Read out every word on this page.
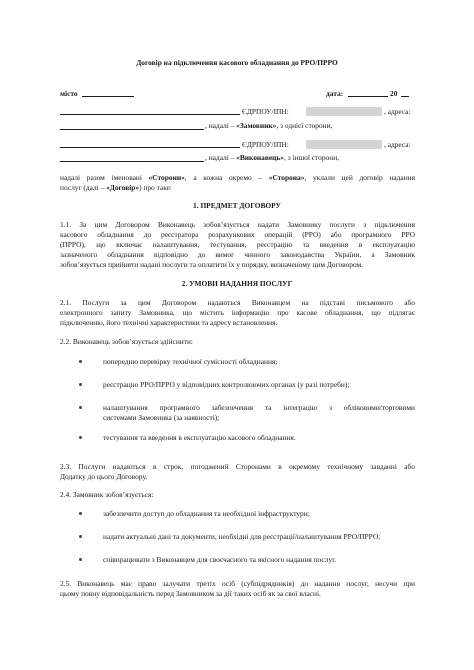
Договір на підключення касового обладнання до РРО/ПРРО
місто	дата:	20
ЄДРПОУ/ІПН:	, адреса:
, надалі – «Замовник», з однієї сторони,
ЄДРПОУ/ІПН:	, адреса:
, надалі – «Виконавець», з іншої сторони,
надалі разом іменовані «Сторони», а кожна окремо – «Сторона», уклали цей договір надання
послуг (далі – «Договір») про таке:
1. ПРЕДМЕТ ДОГОВОРУ
1.1. За цим Договором Виконавець зобов’язується надати Замовнику послуги з підключення
касового обладнання до реєстратора розрахункових операцій (РРО) або програмного РРО
(ПРРО), що включає налаштування, тестування, реєстрацію та введення в експлуатацію
зазначеного обладнання відповідно до вимог чинного законодавства України, а Замовник
зобов’язується прийняти надані послуги та оплатити їх у порядку, визначеному цим Договором.
2. УМОВИ НАДАННЯ ПОСЛУГ
2.1. Послуги за цим Договором надаються Виконавцем на підставі письмового або
електронного запиту Замовника, що містить інформацію про касове обладнання, що підлягає
підключенню, його технічні характеристики та адресу встановлення.
2.2. Виконавець зобов’язується здійснити:
попередню перевірку технічної сумісності обладнання;
реєстрацію РРО/ПРРО у відповідних контролюючих органах (у разі потреби);
налаштування програмного забезпечення та інтеграцію з обліковими/торговими
системами Замовника (за наявності);
тестування та введення в експлуатацію касового обладнання.
2.3. Послуги надаються в строк, погоджений Сторонами в окремому технічному завданні або
Додатку до цього Договору.
2.4. Замовник зобов’язується:
забезпечити доступ до обладнання та необхідної інфраструктури;
надати актуальні дані та документи, необхідні для реєстрації/налаштування РРО/ПРРО;
співпрацювати з Виконавцем для своєчасного та якісного надання послуг.
2.5. Виконавець має право залучати третіх осіб (субпідрядників) до надання послуг, несучи при
цьому повну відповідальність перед Замовником за дії таких осіб як за свої власні.
